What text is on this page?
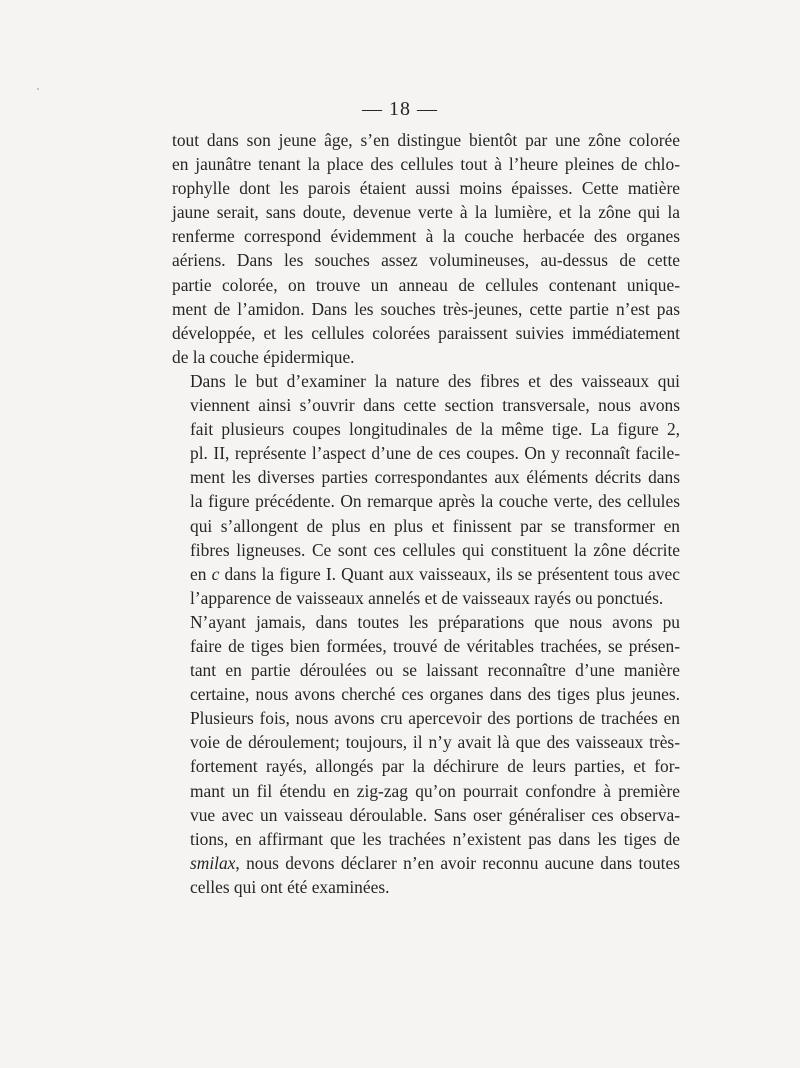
— 18 —

tout dans son jeune âge, s’en distingue bientôt par une zône colorée
en jaunâtre tenant la place des cellules tout à l’heure pleines de chlo-
rophylle dont les parois étaient aussi moins épaisses. Cette matière
jaune serait, sans doute, devenue verte à la lumière, et la zône qui la
renferme correspond évidemment à la couche herbacée des organes
aériens. Dans les souches assez volumineuses, au-dessus de cette
partie colorée, on trouve un anneau de cellules contenant unique-
ment de l’amidon. Dans les souches très-jeunes, cette partie n’est pas
développée, et les cellules colorées paraissent suivies immédiatement
de la couche épidermique.

Dans le but d’examiner la nature des fibres et des vaisseaux qui
viennent ainsi s’ouvrir dans cette section transversale, nous avons
fait plusieurs coupes longitudinales de la même tige. La figure 2,
pl. II, représente l’aspect d’une de ces coupes. On y reconnaît facile-
ment les diverses parties correspondantes aux éléments décrits dans
la figure précédente. On remarque après la couche verte, des cellules
qui s’allongent de plus en plus et finissent par se transformer en
fibres ligneuses. Ce sont ces cellules qui constituent la zône décrite
en c dans la figure I. Quant aux vaisseaux, ils se présentent tous avec
l’apparence de vaisseaux annelés et de vaisseaux rayés ou ponctués.

N’ayant jamais, dans toutes les préparations que nous avons pu
faire de tiges bien formées, trouvé de véritables trachées, se présen-
tant en partie déroulées ou se laissant reconnaître d’une manière
certaine, nous avons cherché ces organes dans des tiges plus jeunes.
Plusieurs fois, nous avons cru apercevoir des portions de trachées en
voie de déroulement; toujours, il n’y avait là que des vaisseaux très-
fortement rayés, allongés par la déchirure de leurs parties, et for-
mant un fil étendu en zig-zag qu’on pourrait confondre à première
vue avec un vaisseau déroulable. Sans oser généraliser ces observa-
tions, en affirmant que les trachées n’existent pas dans les tiges de
smilax, nous devons déclarer n’en avoir reconnu aucune dans toutes
celles qui ont été examinées.
